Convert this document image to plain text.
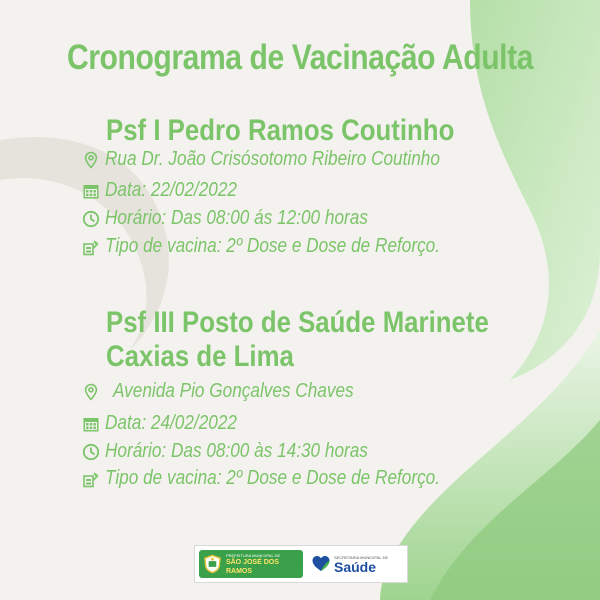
Cronograma de Vacinação Adulta
Psf I Pedro Ramos Coutinho
Rua Dr. João Crisósotomo Ribeiro Coutinho
Data: 22/02/2022
Horário: Das 08:00 ás 12:00 horas
Tipo de vacina: 2º Dose e Dose de Reforço.
Psf III Posto de Saúde Marinete
Caxias de Lima
Avenida Pio Gonçalves Chaves
Data: 24/02/2022
Horário: Das 08:00 às 14:30 horas
Tipo de vacina: 2º Dose e Dose de Reforço.
PREFEITURA MUNICIPAL DE
SÃO JOSÉ DOS RAMOS
SECRETARIA MUNICIPAL DE
Saúde
